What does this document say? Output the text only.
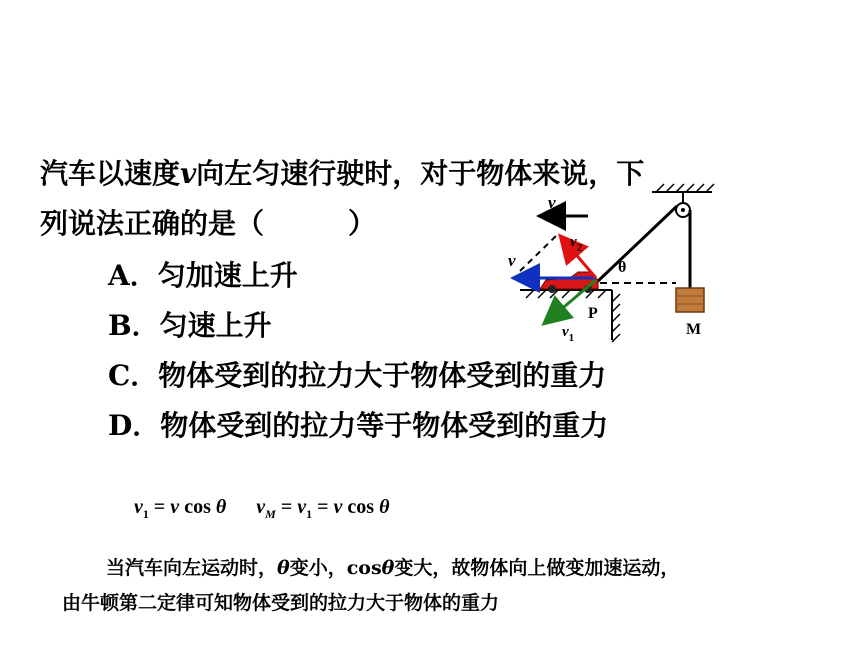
汽车以速度v向左匀速行驶时，对于物体来说，下
列说法正确的是（　　　）
A．匀加速上升
B．匀速上升
C．物体受到的拉力大于物体受到的重力
D．物体受到的拉力等于物体受到的重力
v
v
$v_2$
$v_1$
θ
P
M
$v_1 = v$ cos θ $v_M = v_1 = v$ cos θ
当汽车向左运动时，θ变小，cosθ变大，故物体向上做变加速运动，
由牛顿第二定律可知物体受到的拉力大于物体的重力
